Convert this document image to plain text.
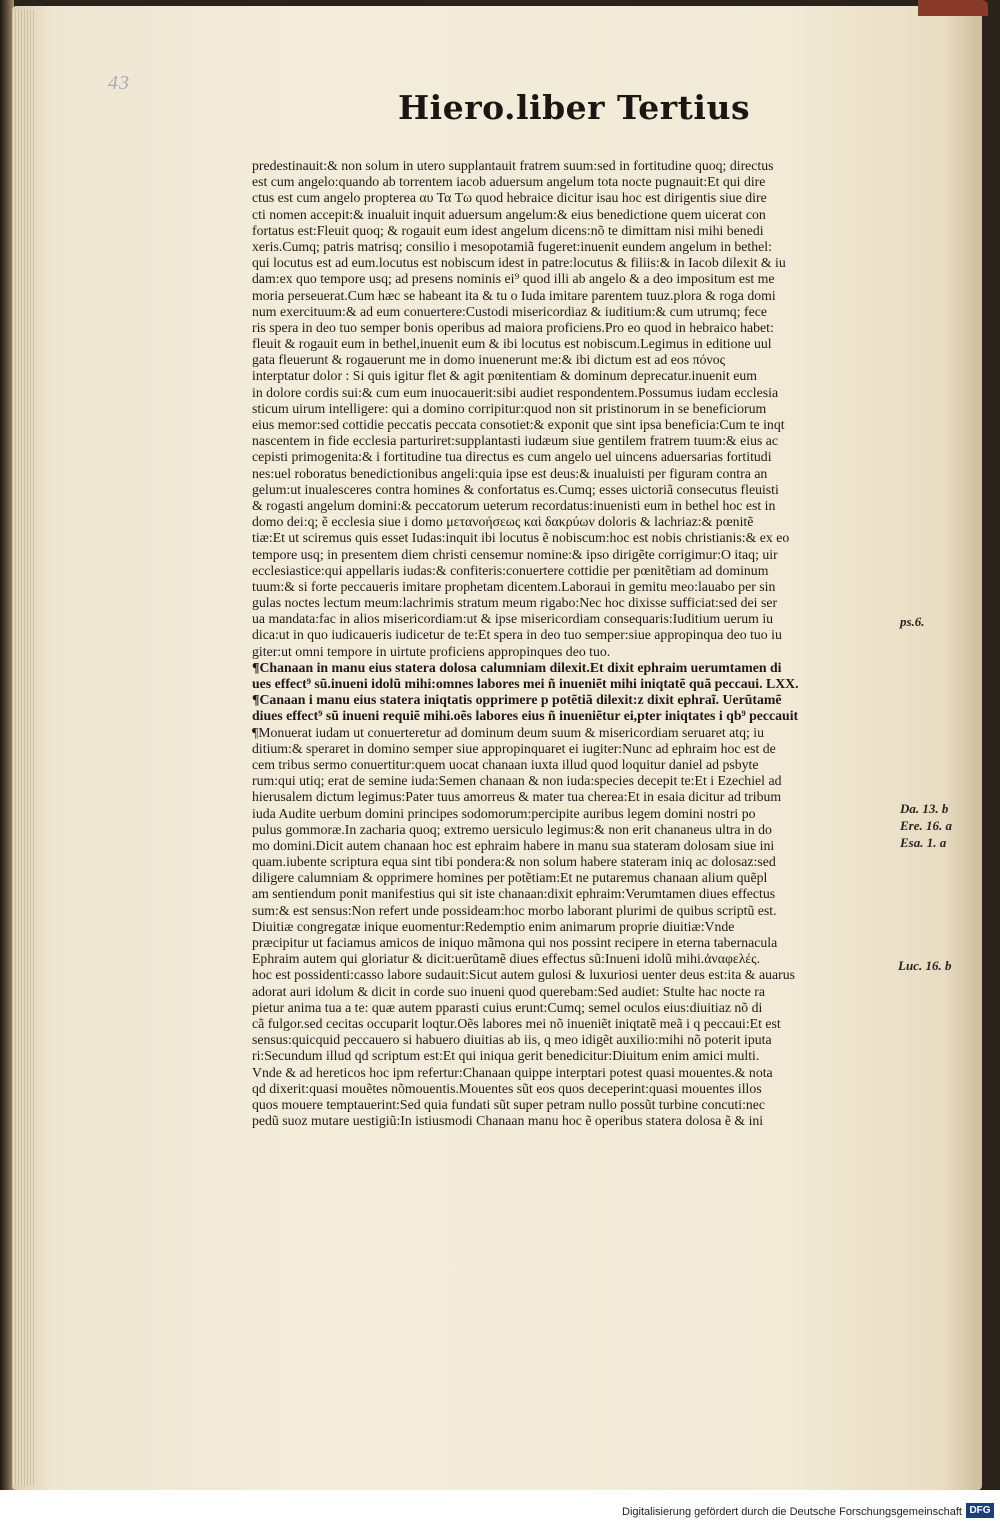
43
Hiero.liber Tertius
predestinauit:& non solum in utero supplantauit fratrem suum:sed in fortitudine quoq; directus
est cum angelo:quando ab torrentem iacob aduersum angelum tota nocte pugnauit:Et qui dire
ctus est cum angelo propterea αυ Τα Τω quod hebraice dicitur isau hoc est dirigentis siue dire
cti nomen accepit:& inualuit inquit aduersum angelum:& eius benedictione quem uicerat con
fortatus est:Fleuit quoq; & rogauit eum idest angelum dicens:nõ te dimittam nisi mihi benedi
xeris.Cumq; patris matrisq; consilio i mesopotamiã fugeret:inuenit eundem angelum in bethel:
qui locutus est ad eum.locutus est nobiscum idest in patre:locutus & filiis:& in Iacob dilexit & iu
dam:ex quo tempore usq; ad presens nominis ei⁹ quod illi ab angelo & a deo impositum est me
moria perseuerat.Cum hæc se habeant ita & tu o Iuda imitare parentem tuuz.plora & roga domi
num exercituum:& ad eum conuertere:Custodi misericordiaz & iuditium:& cum utrumq; fece
ris spera in deo tuo semper bonis operibus ad maiora proficiens.Pro eo quod in hebraico habet:
fleuit & rogauit eum in bethel,inuenit eum & ibi locutus est nobiscum.Legimus in editione uul
gata fleuerunt & rogauerunt me in domo inuenerunt me:& ibi dictum est ad eos πόνος
interptatur dolor : Si quis igitur flet & agit pœnitentiam & dominum deprecatur.inuenit eum
in dolore cordis sui:& cum eum inuocauerit:sibi audiet respondentem.Possumus iudam ecclesia
sticum uirum intelligere: qui a domino corripitur:quod non sit pristinorum in se beneficiorum
eius memor:sed cottidie peccatis peccata consotiet:& exponit que sint ipsa beneficia:Cum te inqt
nascentem in fide ecclesia parturiret:supplantasti iudæum siue gentilem fratrem tuum:& eius ac
cepisti primogenita:& i fortitudine tua directus es cum angelo uel uincens aduersarias fortitudi
nes:uel roboratus benedictionibus angeli:quia ipse est deus:& inualuisti per figuram contra an
gelum:ut inualesceres contra homines & confortatus es.Cumq; esses uictoriã consecutus fleuisti
& rogasti angelum domini:& peccatorum ueterum recordatus:inuenisti eum in bethel hoc est in
domo dei:q; ẽ ecclesia siue i domo μετανοήσεως καὶ δακρύων doloris & lachriaz:& pœnitẽ
tiæ:Et ut sciremus quis esset Iudas:inquit ibi locutus ẽ nobiscum:hoc est nobis christianis:& ex eo
tempore usq; in presentem diem christi censemur nomine:& ipso dirigẽte corrigimur:O itaq; uir
ecclesiastice:qui appellaris iudas:& confiteris:conuertere cottidie per pœnitẽtiam ad dominum
tuum:& si forte peccaueris imitare prophetam dicentem.Laboraui in gemitu meo:lauabo per sin
gulas noctes lectum meum:lachrimis stratum meum rigabo:Nec hoc dixisse sufficiat:sed dei ser
ua mandata:fac in alios misericordiam:ut & ipse misericordiam consequaris:Iuditium uerum iu
dica:ut in quo iudicaueris iudicetur de te:Et spera in deo tuo semper:siue appropinqua deo tuo iu
giter:ut omni tempore in uirtute proficiens appropinques deo tuo.
¶Chanaan in manu eius statera dolosa calumniam dilexit.Et dixit ephraim uerumtamen di
ues effect⁹ sũ.inueni idolũ mihi:omnes labores mei ñ inueniẽt mihi iniqtatẽ quã peccaui. LXX.
¶Canaan i manu eius statera iniqtatis opprimere p potẽtiã dilexit:z dixit ephraĩ. Uerũtamẽ
diues effect⁹ sũ inueni requiẽ mihi.oẽs labores eius ñ inueniẽtur ei,pter iniqtates i qb⁹ peccauit
¶Monuerat iudam ut conuerteretur ad dominum deum suum & misericordiam seruaret atq; iu
ditium:& speraret in domino semper siue appropinquaret ei iugiter:Nunc ad ephraim hoc est de
cem tribus sermo conuertitur:quem uocat chanaan iuxta illud quod loquitur daniel ad psbyte
rum:qui utiq; erat de semine iuda:Semen chanaan & non iuda:species decepit te:Et i Ezechiel ad
hierusalem dictum legimus:Pater tuus amorreus & mater tua cherea:Et in esaia dicitur ad tribum
iuda Audite uerbum domini principes sodomorum:percipite auribus legem domini nostri po
pulus gommoræ.In zacharia quoq; extremo uersiculo legimus:& non erit chananeus ultra in do
mo domini.Dicit autem chanaan hoc est ephraim habere in manu sua stateram dolosam siue ini
quam.iubente scriptura equa sint tibi pondera:& non solum habere stateram iniq ac dolosaz:sed
diligere calumniam & opprimere homines per potẽtiam:Et ne putaremus chanaan alium quẽpl
am sentiendum ponit manifestius qui sit iste chanaan:dixit ephraim:Verumtamen diues effectus
sum:& est sensus:Non refert unde possideam:hoc morbo laborant plurimi de quibus scriptũ est.
Diuitiæ congregatæ inique euomentur:Redemptio enim animarum proprie diuitiæ:Vnde
præcipitur ut faciamus amicos de iniquo mãmona qui nos possint recipere in eterna tabernacula
Ephraim autem qui gloriatur & dicit:uerũtamẽ diues effectus sũ:Inueni idolũ mihi.ἀναφελές.
hoc est possidenti:casso labore sudauit:Sicut autem gulosi & luxuriosi uenter deus est:ita & auarus
adorat auri idolum & dicit in corde suo inueni quod querebam:Sed audiet: Stulte hac nocte ra
pietur anima tua a te: quæ autem pparasti cuius erunt:Cumq; semel oculos eius:diuitiaz nõ di
cã fulgor.sed cecitas occuparit loqtur.Oẽs labores mei nõ inueniẽt iniqtatẽ meã i q peccaui:Et est
sensus:quicquid peccauero si habuero diuitias ab iis, q meo idigẽt auxilio:mihi nõ poterit iputa
ri:Secundum illud qd scriptum est:Et qui iniqua gerit benedicitur:Diuitum enim amici multi.
Vnde & ad hereticos hoc ipm refertur:Chanaan quippe interptari potest quasi mouentes.& nota
qd dixerit:quasi mouẽtes nõmouentis.Mouentes sũt eos quos deceperint:quasi mouentes illos
quos mouere temptauerint:Sed quia fundati sũt super petram nullo possũt turbine concuti:nec
pedũ suoz mutare uestigiũ:In istiusmodi Chanaan manu hoc ẽ operibus statera dolosa ẽ & ini
ps.6.
Da. 13. b
Ere. 16. a
Esa. 1. a
Luc. 16. b
Digitalisierung gefördert durch die Deutsche Forschungsgemeinschaft DFG
